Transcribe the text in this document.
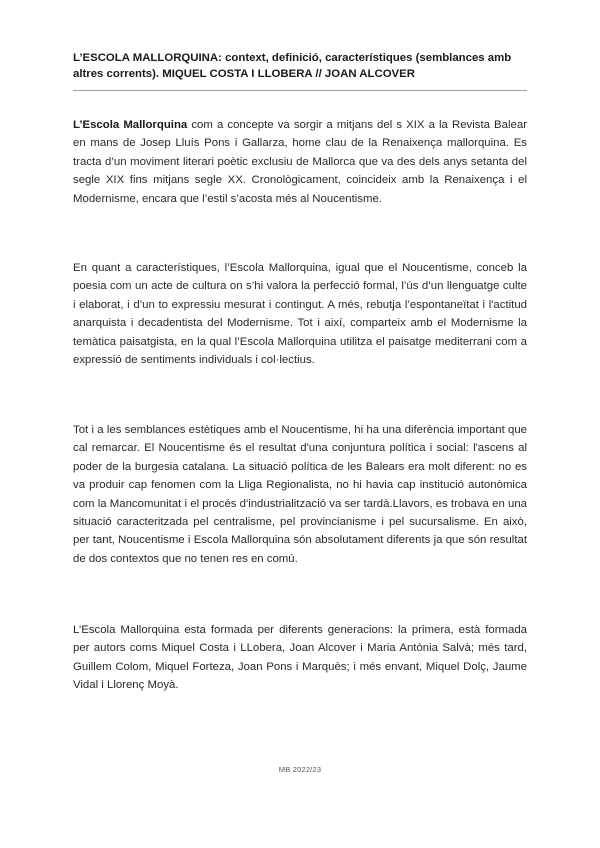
L’ESCOLA MALLORQUINA: context, definició, característiques (semblances amb altres corrents). MIQUEL COSTA I LLOBERA // JOAN ALCOVER

L’Escola Mallorquina com a concepte va sorgir a mitjans del s XIX a la Revista Balear en mans de Josep Lluís Pons i Gallarza, home clau de la Renaixença mallorquina. Es tracta d’un moviment literari poètic exclusiu de Mallorca que va des dels anys setanta del segle XIX fins mitjans segle XX. Cronològicament, coincideix amb la Renaixença i el Modernisme, encara que l’estil s’acosta més al Noucentisme.

En quant a característiques, l’Escola Mallorquina, igual que el Noucentisme, conceb la poesia com un acte de cultura on s’hi valora la perfecció formal, l’ús d’un llenguatge culte i elaborat, i d’un to expressiu mesurat i contingut. A més, rebutja l’espontaneïtat i l'actitud anarquista i decadentista del Modernisme. Tot i així, comparteix amb el Modernisme la temàtica paisatgista, en la qual l’Escola Mallorquina utilitza el paisatge mediterrani com a expressió de sentiments individuals i col·lectius.

Tot i a les semblances estètiques amb el Noucentisme, hi ha una diferència important que cal remarcar. El Noucentisme és el resultat d'una conjuntura política i social: l'ascens al poder de la burgesia catalana. La situació política de les Balears era molt diferent: no es va produir cap fenomen com la Lliga Regionalista, no hi havia cap institució autonòmica com la Mancomunitat i el procés d'industrialització va ser tardà.Llavors, es trobava en una situació caracteritzada pel centralisme, pel provincianisme i pel sucursalisme. En això, per tant, Noucentisme i Escola Mallorquina són absolutament diferents ja que són resultat de dos contextos que no tenen res en comú.

L’Escola Mallorquina esta formada per diferents generacions: la primera, està formada per autors coms Miquel Costa i LLobera, Joan Alcover i Maria Antònia Salvà; més tard, Guillem Colom, Miquel Forteza, Joan Pons i Marquès; i més envant, Miquel Dolç, Jaume Vidal i Llorenç Moyà.

MB 2022/23
